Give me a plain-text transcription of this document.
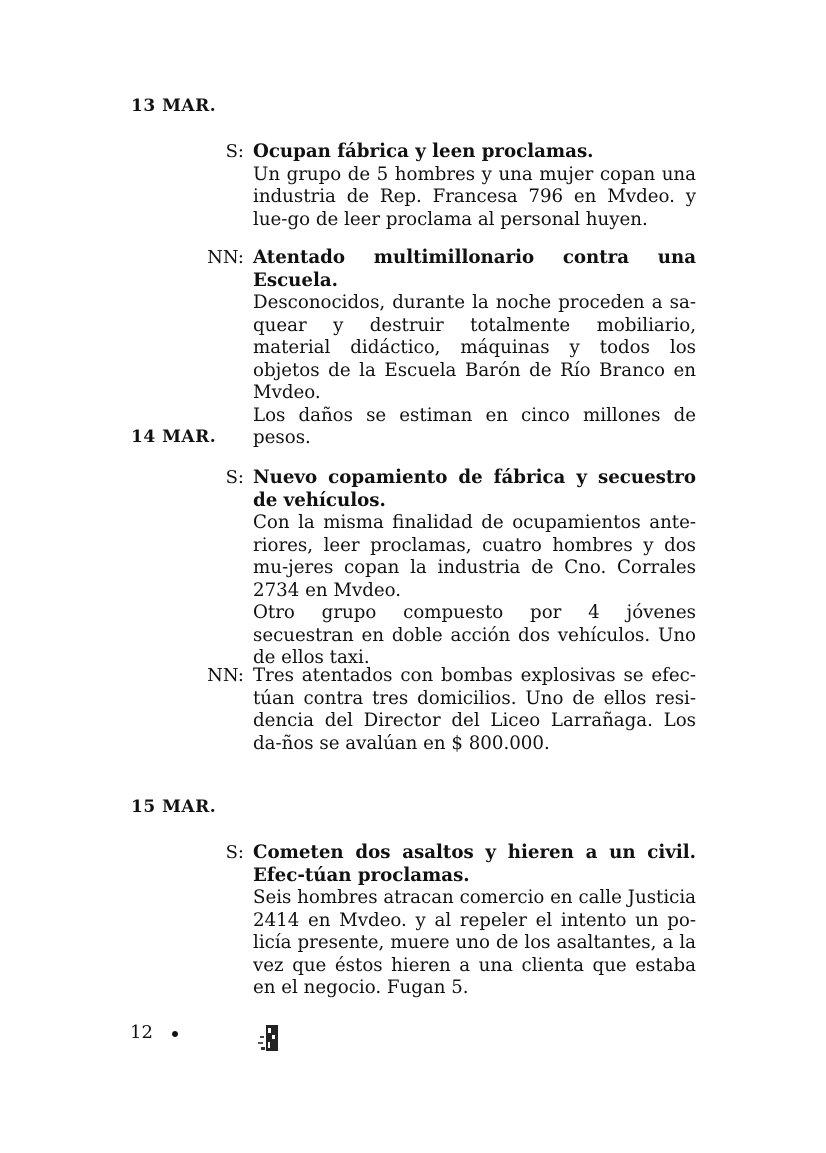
13 MAR.
S: Ocupan fábrica y leen proclamas.

Un grupo de 5 hombres y una mujer copan una industria de Rep. Francesa 796 en Mvdeo. y lue-go de leer proclama al personal huyen.

NN: Atentado multimillonario contra una Escuela.

Desconocidos, durante la noche proceden a sa-quear y destruir totalmente mobiliario, material didáctico, máquinas y todos los objetos de la Escuela Barón de Río Branco en Mvdeo.

Los daños se estiman en cinco millones de pesos.

14 MAR.
S: Nuevo copamiento de fábrica y secuestro de vehículos.

Con la misma finalidad de ocupamientos ante-riores, leer proclamas, cuatro hombres y dos mu-jeres copan la industria de Cno. Corrales 2734 en Mvdeo.

Otro grupo compuesto por 4 jóvenes secuestran en doble acción dos vehículos. Uno de ellos taxi.

NN: Tres atentados con bombas explosivas se efec-túan contra tres domicilios. Uno de ellos resi-dencia del Director del Liceo Larrañaga. Los da-ños se avalúan en $ 800.000.

15 MAR.
S: Cometen dos asaltos y hieren a un civil. Efec-túan proclamas.

Seis hombres atracan comercio en calle Justicia 2414 en Mvdeo. y al repeler el intento un po-licía presente, muere uno de los asaltantes, a la vez que éstos hieren a una clienta que estaba en el negocio. Fugan 5.

12
